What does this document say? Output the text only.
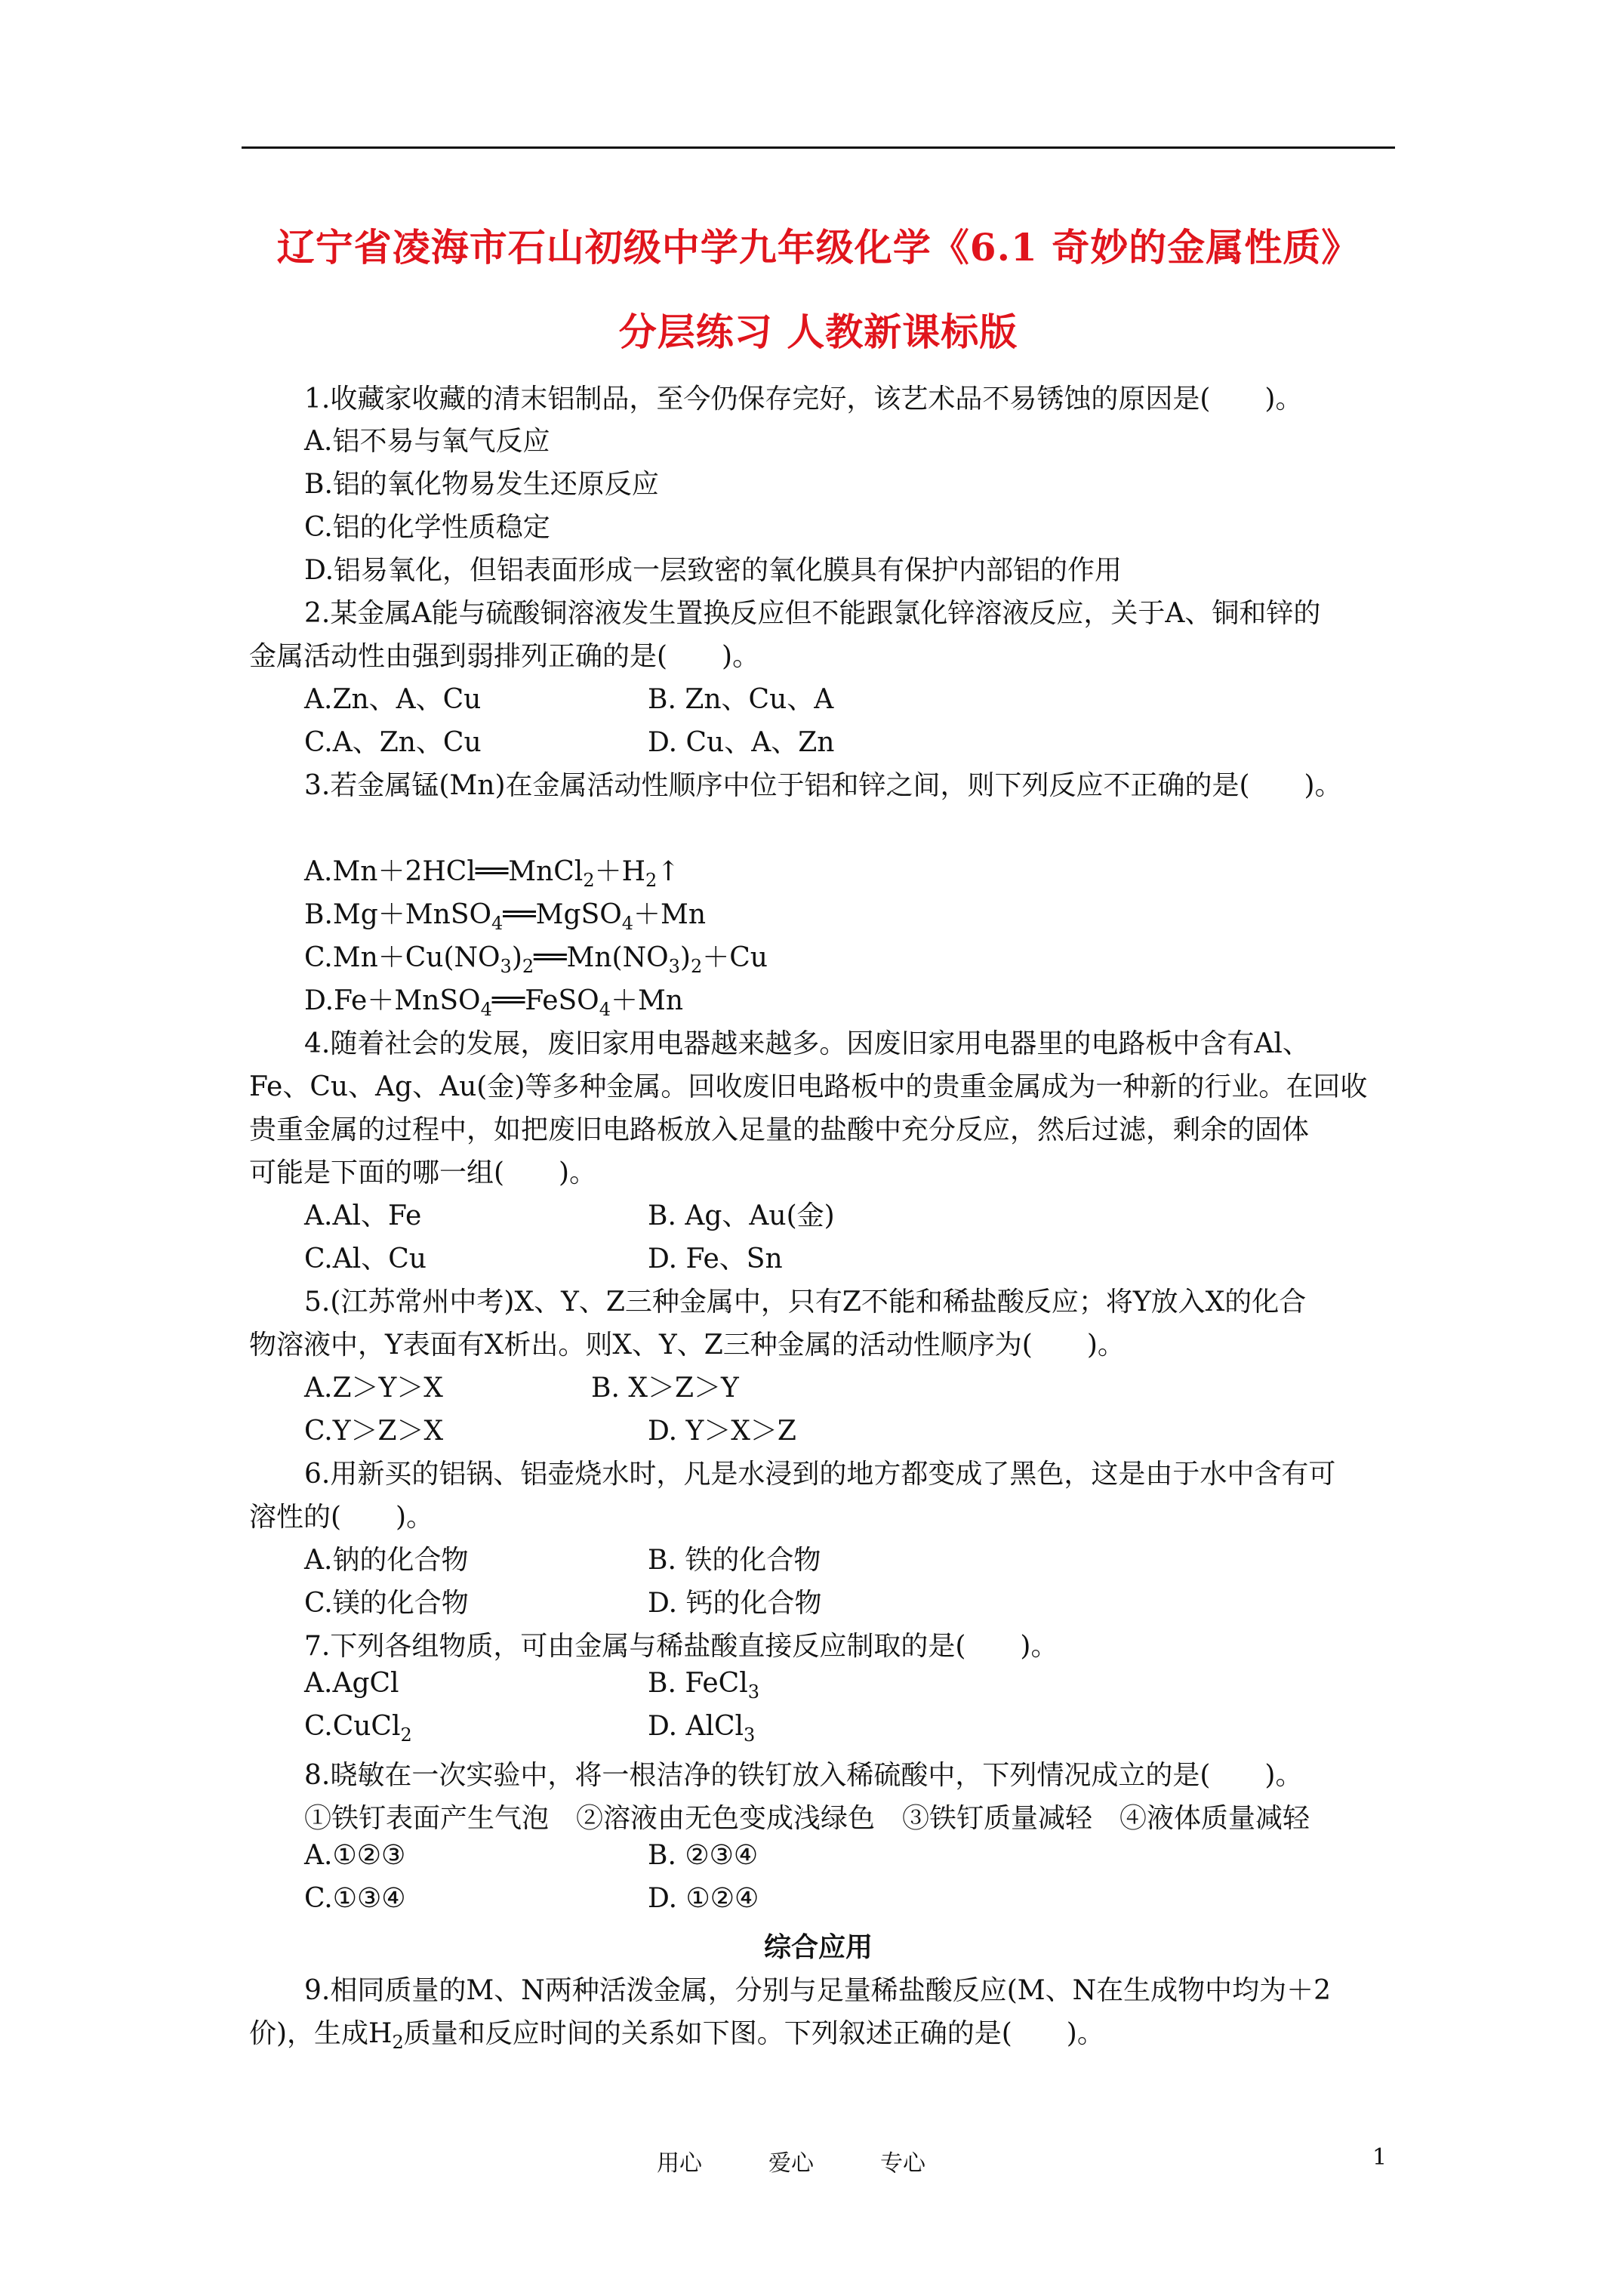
辽宁省凌海市石山初级中学九年级化学《6.1 奇妙的金属性质》
分层练习 人教新课标版
1.收藏家收藏的清末铝制品，至今仍保存完好，该艺术品不易锈蚀的原因是(　　)。
A.铝不易与氧气反应
B.铝的氧化物易发生还原反应
C.铝的化学性质稳定
D.铝易氧化，但铝表面形成一层致密的氧化膜具有保护内部铝的作用
2.某金属A能与硫酸铜溶液发生置换反应但不能跟氯化锌溶液反应，关于A、铜和锌的
金属活动性由强到弱排列正确的是(　　)。
A.Zn、A、Cu	B. Zn、Cu、A
C.A、Zn、Cu	D. Cu、A、Zn
3.若金属锰(Mn)在金属活动性顺序中位于铝和锌之间，则下列反应不正确的是(　　)。
$A.Mn+2HCl══MnCl_2+H_2↑$
B.Mg＋MnSO$_4$══MgSO$_4$＋Mn
$C.Mn+Cu(NO_3)_2══Mn(NO_3)_2+Cu$
D.Fe＋MnSO$_4$══FeSO$_4$＋Mn
4.随着社会的发展，废旧家用电器越来越多。因废旧家用电器里的电路板中含有Al、
Fe、Cu、Ag、Au(金)等多种金属。回收废旧电路板中的贵重金属成为一种新的行业。在回收
贵重金属的过程中，如把废旧电路板放入足量的盐酸中充分反应，然后过滤，剩余的固体
可能是下面的哪一组(　　)。
A.Al、Fe	B. Ag、Au(金)
C.Al、Cu	D. Fe、Sn
5.(江苏常州中考)X、Y、Z三种金属中，只有Z不能和稀盐酸反应；将Y放入X的化合
物溶液中，Y表面有X析出。则X、Y、Z三种金属的活动性顺序为(　　)。
A.Z＞Y＞X	B. X＞Z＞Y
C.Y＞Z＞X	D. Y＞X＞Z
6.用新买的铝锅、铝壶烧水时，凡是水浸到的地方都变成了黑色，这是由于水中含有可
溶性的(　　)。
A.钠的化合物	B. 铁的化合物
C.镁的化合物	D. 钙的化合物
7.下列各组物质，可由金属与稀盐酸直接反应制取的是(　　)。
A.AgCl	B. FeCl$_3$
C.CuCl$_2$	D. AlCl$_3$
8.晓敏在一次实验中，将一根洁净的铁钉放入稀硫酸中，下列情况成立的是(　　)。
①铁钉表面产生气泡　②溶液由无色变成浅绿色　③铁钉质量减轻　④液体质量减轻
A.①②③	B. ②③④
C.①③④	D. ①②④
综合应用
9.相同质量的M、N两种活泼金属，分别与足量稀盐酸反应(M、N在生成物中均为＋2
价)，生成$H_2$质量和反应时间的关系如下图。下列叙述正确的是(　　)。
用心	爱心	专心	1
